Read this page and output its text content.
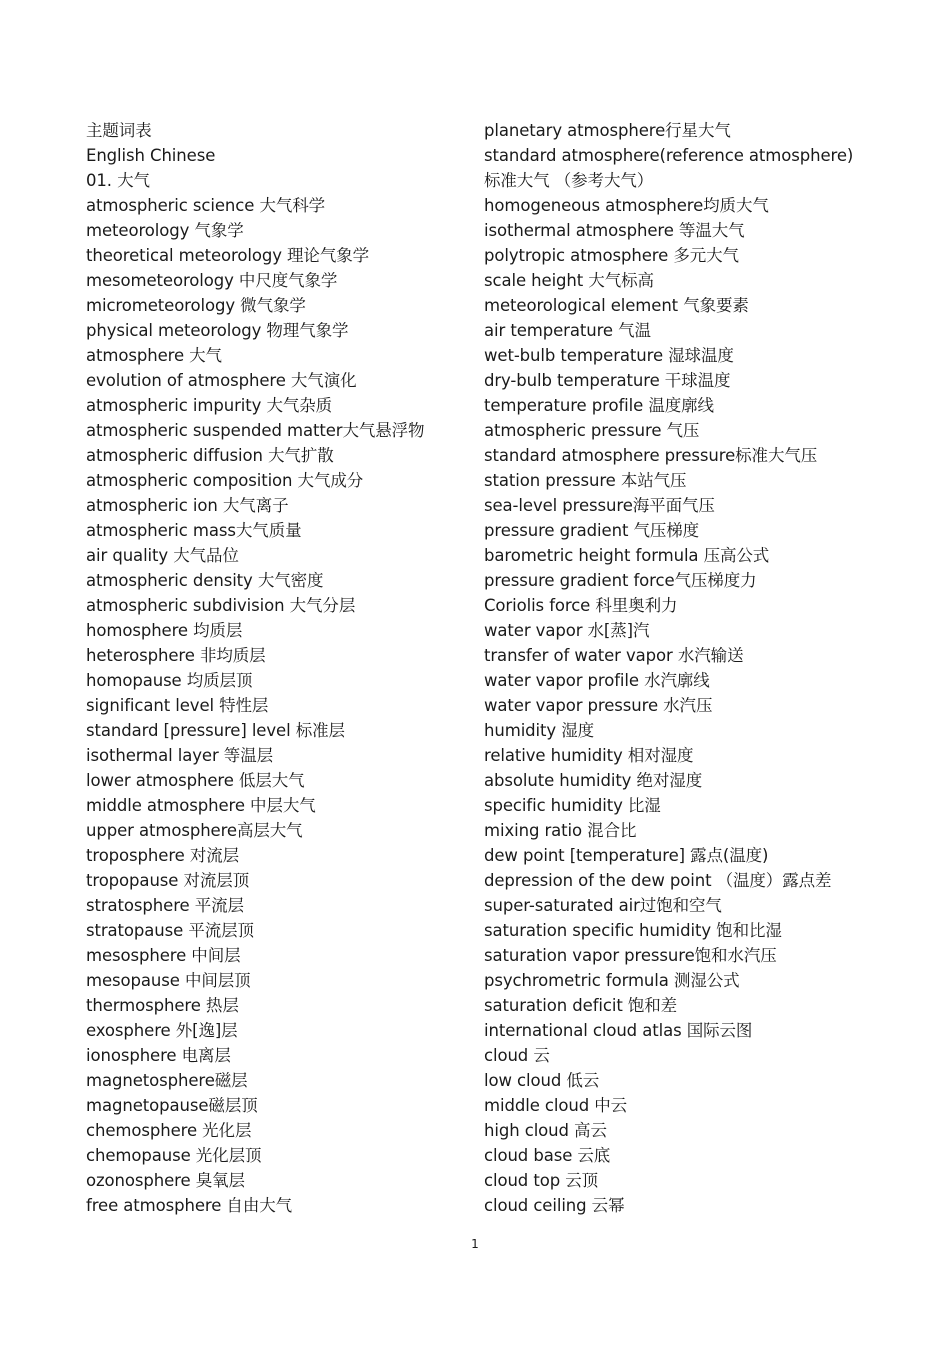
主题词表
English Chinese
01. 大气
atmospheric science 大气科学
meteorology 气象学
theoretical meteorology 理论气象学
mesometeorology 中尺度气象学
micrometeorology 微气象学
physical meteorology 物理气象学
atmosphere 大气
evolution of atmosphere 大气演化
atmospheric impurity 大气杂质
atmospheric suspended matter大气悬浮物
atmospheric diffusion 大气扩散
atmospheric composition 大气成分
atmospheric ion 大气离子
atmospheric mass大气质量
air quality 大气品位
atmospheric density 大气密度
atmospheric subdivision 大气分层
homosphere 均质层
heterosphere 非均质层
homopause 均质层顶
significant level 特性层
standard [pressure] level 标准层
isothermal layer 等温层
lower atmosphere 低层大气
middle atmosphere 中层大气
upper atmosphere高层大气
troposphere 对流层
tropopause 对流层顶
stratosphere 平流层
stratopause 平流层顶
mesosphere 中间层
mesopause 中间层顶
thermosphere 热层
exosphere 外[逸]层
ionosphere 电离层
magnetosphere磁层
magnetopause磁层顶
chemosphere 光化层
chemopause 光化层顶
ozonosphere 臭氧层
free atmosphere 自由大气
planetary atmosphere行星大气
standard atmosphere(reference atmosphere) 标准大气 （参考大气）
homogeneous atmosphere均质大气
isothermal atmosphere 等温大气
polytropic atmosphere 多元大气
scale height 大气标高
meteorological element 气象要素
air temperature 气温
wet-bulb temperature 湿球温度
dry-bulb temperature 干球温度
temperature profile 温度廓线
atmospheric pressure 气压
standard atmosphere pressure标准大气压
station pressure 本站气压
sea-level pressure海平面气压
pressure gradient 气压梯度
barometric height formula 压高公式
pressure gradient force气压梯度力
Coriolis force 科里奥利力
water vapor 水[蒸]汽
transfer of water vapor 水汽输送
water vapor profile 水汽廓线
water vapor pressure 水汽压
humidity 湿度
relative humidity 相对湿度
absolute humidity 绝对湿度
specific humidity 比湿
mixing ratio 混合比
dew point [temperature] 露点(温度)
depression of the dew point （温度）露点差
super-saturated air过饱和空气
saturation specific humidity 饱和比湿
saturation vapor pressure饱和水汽压
psychrometric formula 测湿公式
saturation deficit 饱和差
international cloud atlas 国际云图
cloud 云
low cloud 低云
middle cloud 中云
high cloud 高云
cloud base 云底
cloud top 云顶
cloud ceiling 云幂
1
